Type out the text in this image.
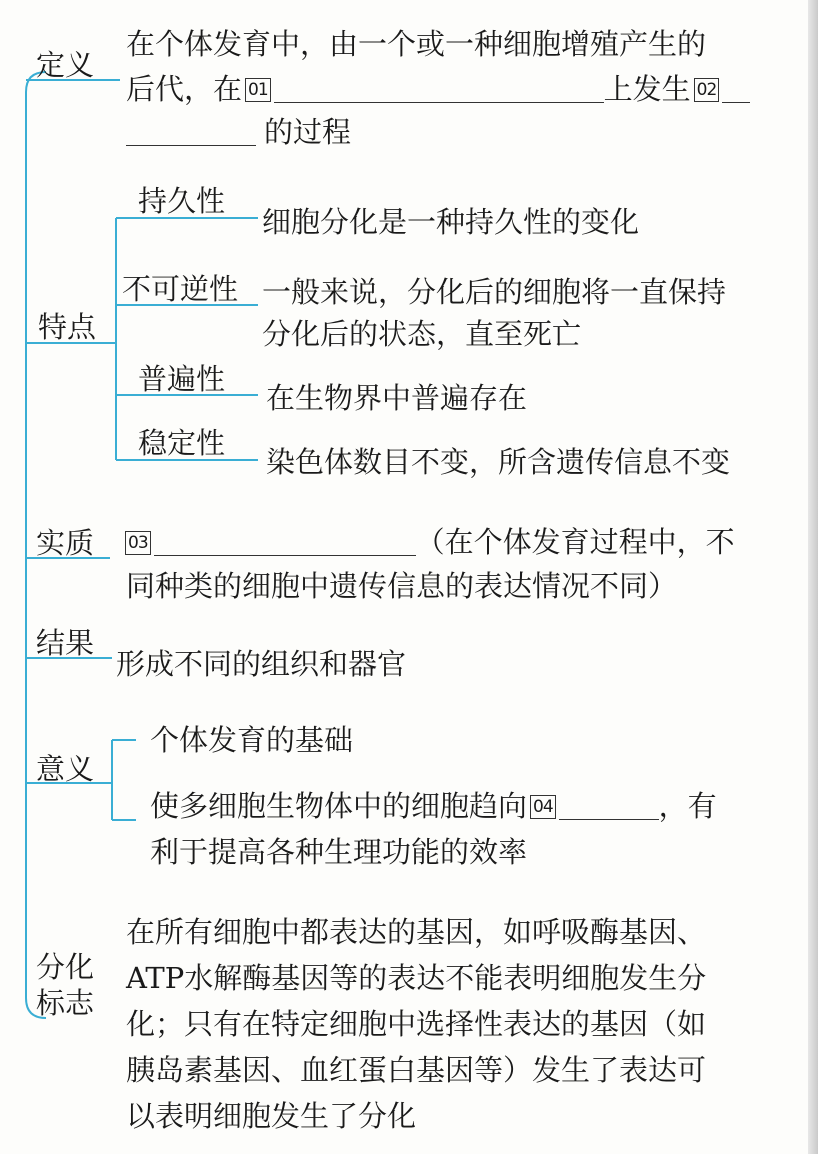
定义
在个体发育中，由一个或一种细胞增殖产生的
后代，在 01	上发生 02
的过程
特点
持久性
细胞分化是一种持久性的变化
不可逆性 一般来说，分化后的细胞将一直保持
分化后的状态，直至死亡
普遍性
在生物界中普遍存在
稳定性
染色体数目不变，所含遗传信息不变
实质	03	（在个体发育过程中，不
同种类的细胞中遗传信息的表达情况不同）
结果
形成不同的组织和器官
意义
个体发育的基础
使多细胞生物体中的细胞趋向 04	，有
利于提高各种生理功能的效率
分化
标志
在所有细胞中都表达的基因，如呼吸酶基因、
ATP水解酶基因等的表达不能表明细胞发生分
化；只有在特定细胞中选择性表达的基因（如
胰岛素基因、血红蛋白基因等）发生了表达可
以表明细胞发生了分化
